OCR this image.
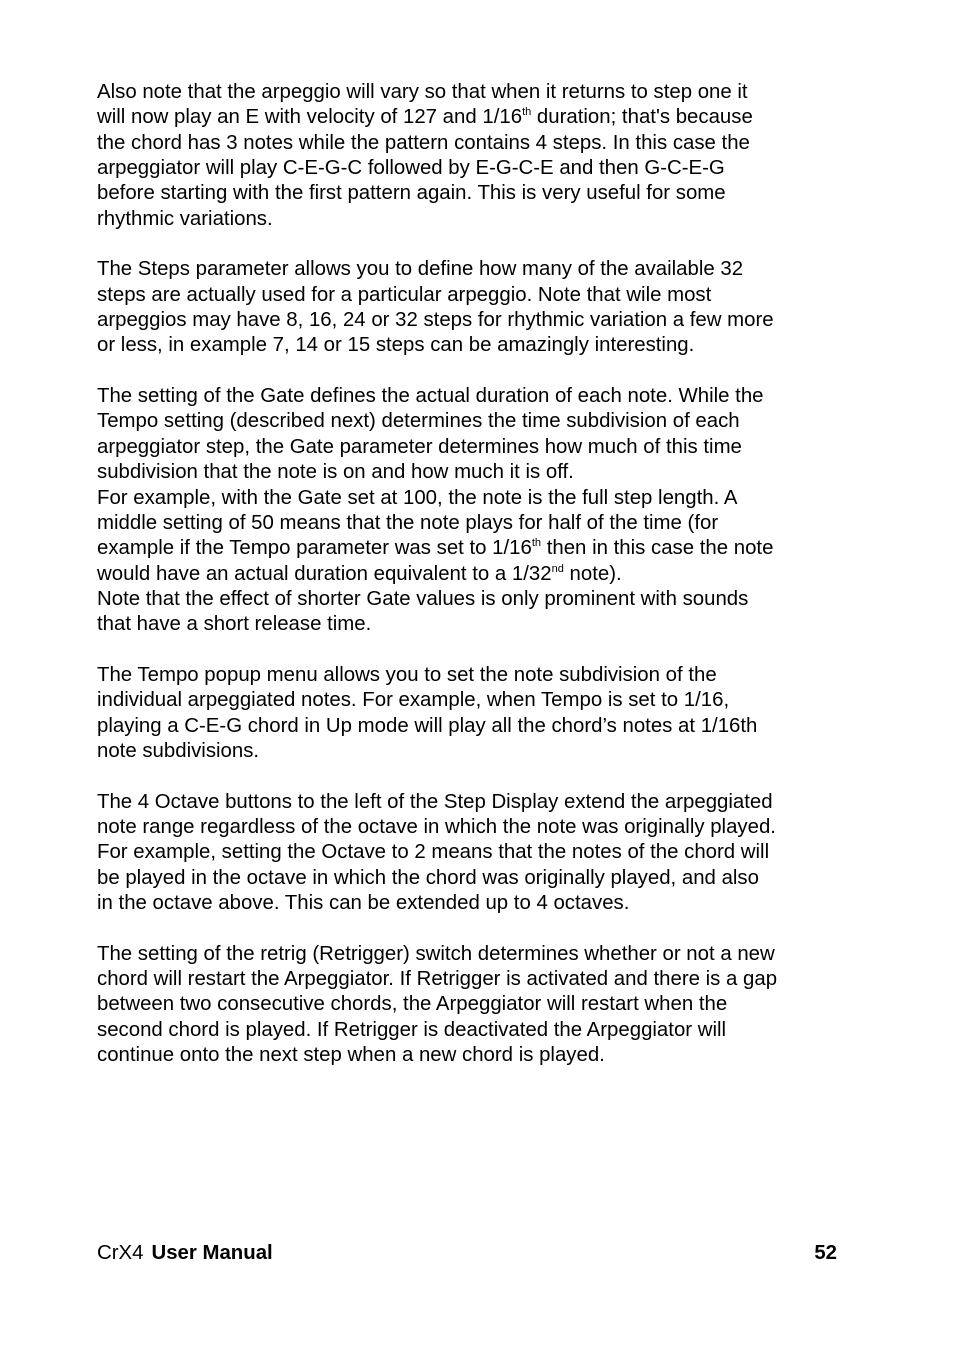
Also note that the arpeggio will vary so that when it returns to step one it
will now play an E with velocity of 127 and 1/16th duration; that's because
the chord has 3 notes while the pattern contains 4 steps. In this case the
arpeggiator will play C-E-G-C followed by E-G-C-E and then G-C-E-G
before starting with the first pattern again. This is very useful for some
rhythmic variations.
The Steps parameter allows you to define how many of the available 32
steps are actually used for a particular arpeggio. Note that wile most
arpeggios may have 8, 16, 24 or 32 steps for rhythmic variation a few more
or less, in example 7, 14 or 15 steps can be amazingly interesting.
The setting of the Gate defines the actual duration of each note. While the
Tempo setting (described next) determines the time subdivision of each
arpeggiator step, the Gate parameter determines how much of this time
subdivision that the note is on and how much it is off.
For example, with the Gate set at 100, the note is the full step length. A
middle setting of 50 means that the note plays for half of the time (for
example if the Tempo parameter was set to 1/16th then in this case the note
would have an actual duration equivalent to a 1/32nd note).
Note that the effect of shorter Gate values is only prominent with sounds
that have a short release time.
The Tempo popup menu allows you to set the note subdivision of the
individual arpeggiated notes. For example, when Tempo is set to 1/16,
playing a C-E-G chord in Up mode will play all the chord’s notes at 1/16th
note subdivisions.
The 4 Octave buttons to the left of the Step Display extend the arpeggiated
note range regardless of the octave in which the note was originally played.
For example, setting the Octave to 2 means that the notes of the chord will
be played in the octave in which the chord was originally played, and also
in the octave above. This can be extended up to 4 octaves.
The setting of the retrig (Retrigger) switch determines whether or not a new
chord will restart the Arpeggiator. If Retrigger is activated and there is a gap
between two consecutive chords, the Arpeggiator will restart when the
second chord is played. If Retrigger is deactivated the Arpeggiator will
continue onto the next step when a new chord is played.
CrX4 User Manual	52
